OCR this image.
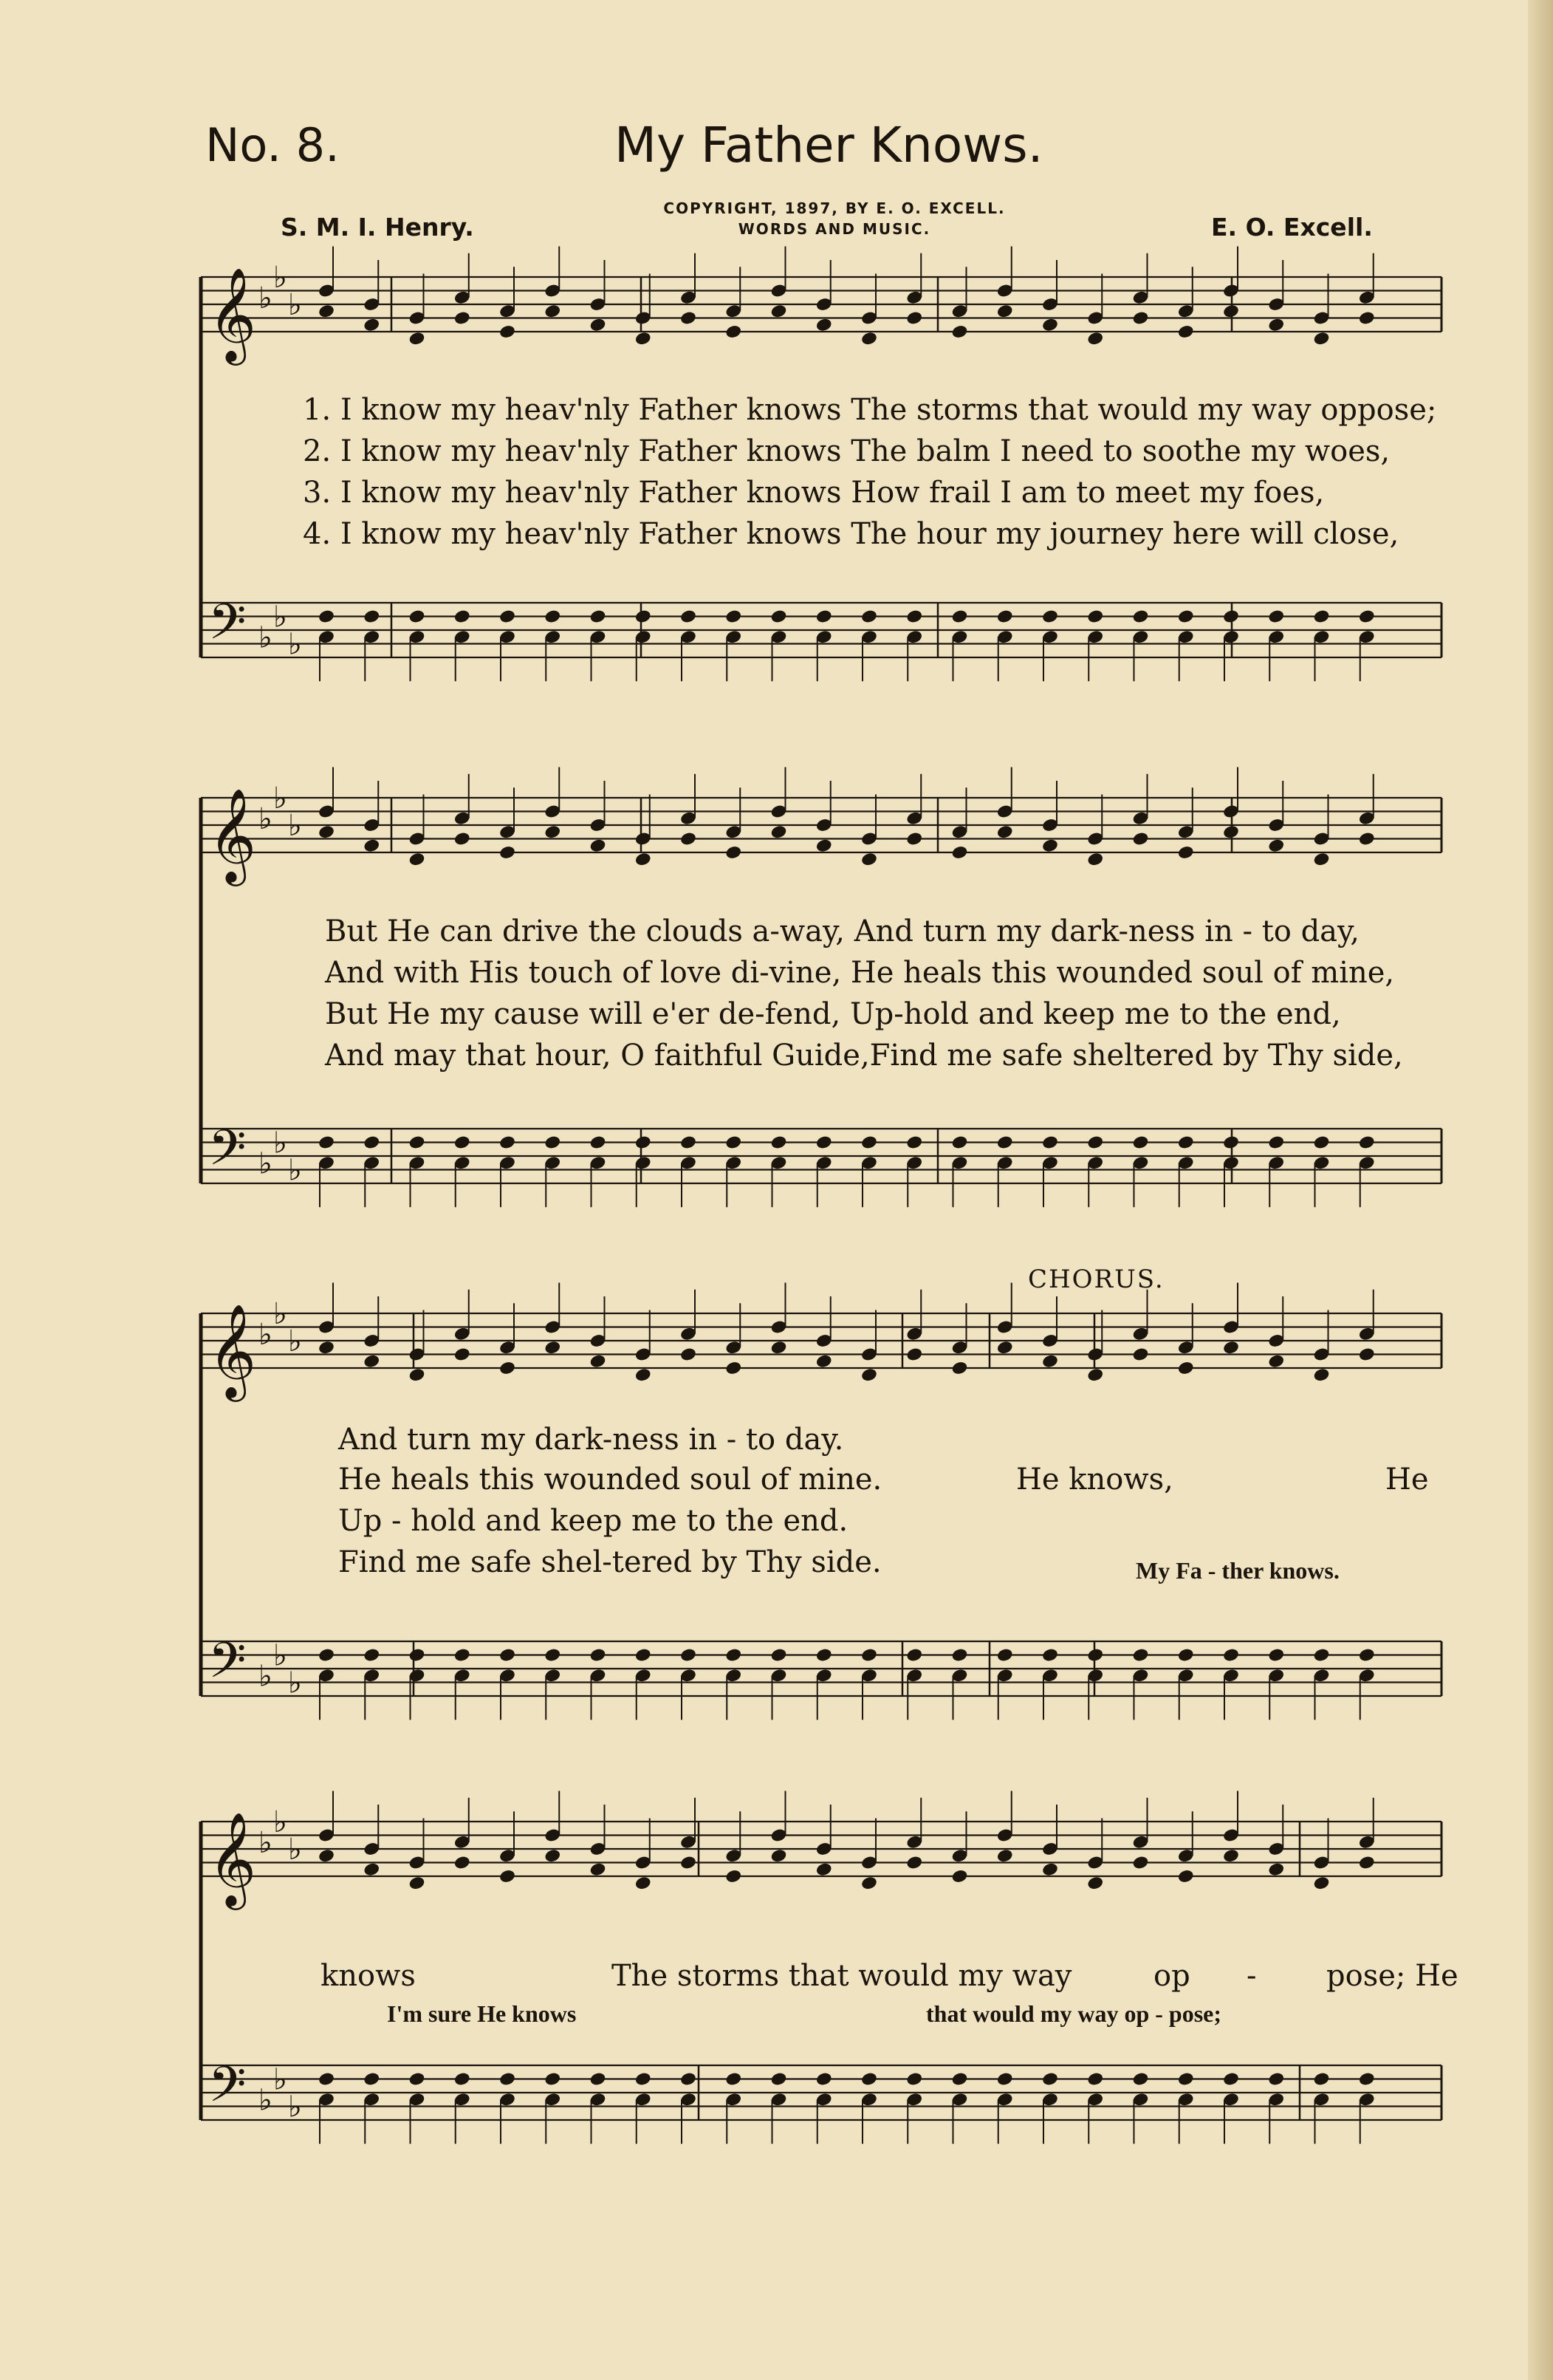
No. 8.	My Father Knows.
S. M. I. Henry.
COPYRIGHT, 1897, BY E. O. EXCELL.
WORDS AND MUSIC.	E. O. Excell.
𝄞
𝄢
♭
♭
♭
♭
♭
♭
𝄞
𝄢
♭
♭
♭
♭
♭
♭
𝄞
𝄢
♭
♭
♭
♭
♭
♭
𝄞
𝄢
♭
♭
♭
♭
♭
♭
1. I know my heav'nly Father knows The storms that would my way oppose;
2. I know my heav'nly Father knows The balm I need to soothe my woes,
3. I know my heav'nly Father knows How frail I am to meet my foes,
4. I know my heav'nly Father knows The hour my journey here will close,
But He can drive the clouds a-way, And turn my dark-ness in - to day,
And with His touch of love di-vine, He heals this wounded soul of mine,
But He my cause will e'er de-fend, Up-hold and keep me to the end,
And may that hour, O faithful Guide,Find me safe sheltered by Thy side,
CHORUS.
And turn my dark-ness in - to day.
He heals this wounded soul of mine.
Up - hold and keep me to the end.
Find me safe shel-tered by Thy side.
He knows,	He
My Fa - ther knows.
knows	The storms that would my way	op - pose; He
I'm sure He knows	that would my way op - pose;
